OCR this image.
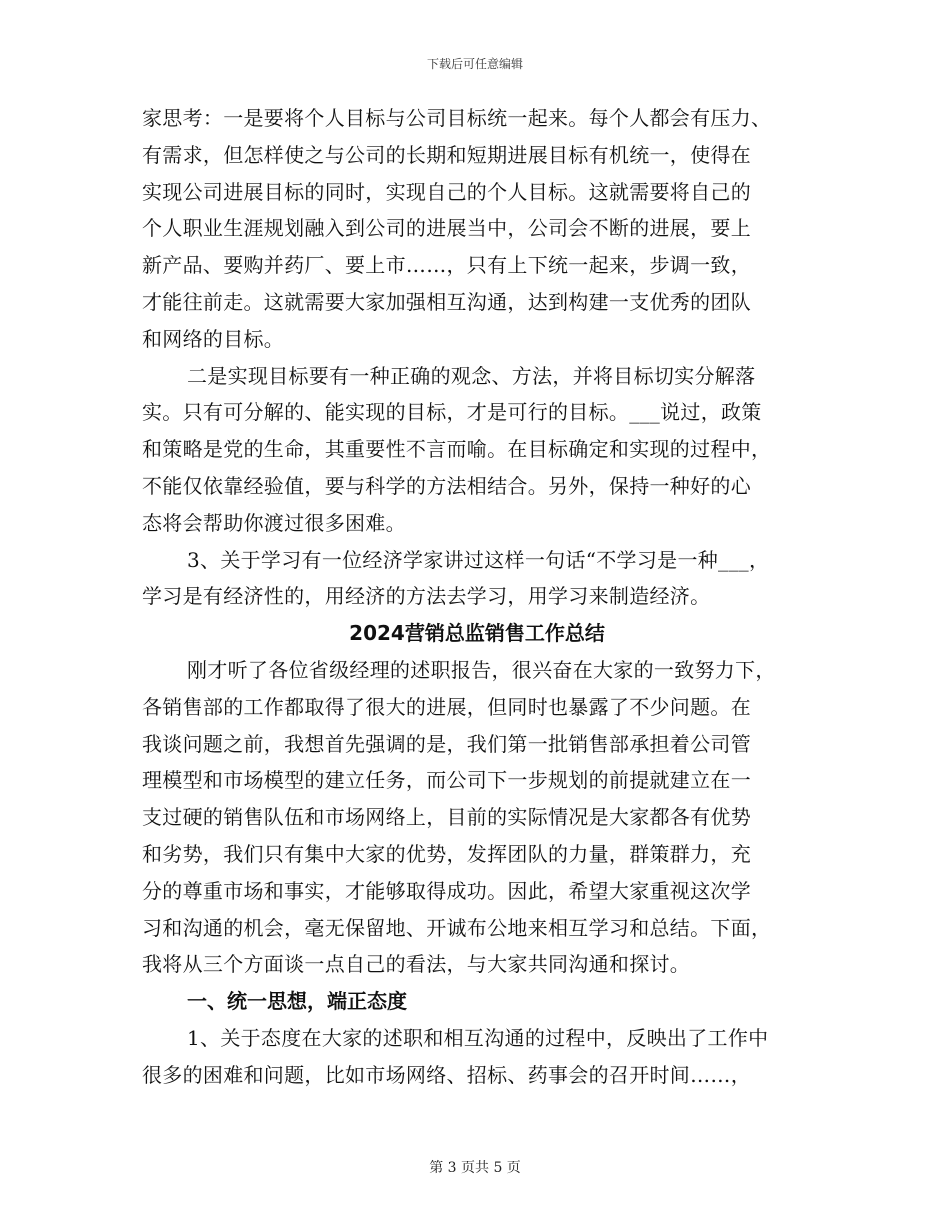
下载后可任意编辑
家思考：一是要将个人目标与公司目标统一起来。每个人都会有压力、
有需求，但怎样使之与公司的长期和短期进展目标有机统一，使得在
实现公司进展目标的同时，实现自己的个人目标。这就需要将自己的
个人职业生涯规划融入到公司的进展当中，公司会不断的进展，要上
新产品、要购并药厂、要上市……，只有上下统一起来，步调一致，
才能往前走。这就需要大家加强相互沟通，达到构建一支优秀的团队
和网络的目标。
二是实现目标要有一种正确的观念、方法，并将目标切实分解落
实。只有可分解的、能实现的目标，才是可行的目标。___说过，政策
和策略是党的生命，其重要性不言而喻。在目标确定和实现的过程中，
不能仅依靠经验值，要与科学的方法相结合。另外，保持一种好的心
态将会帮助你渡过很多困难。
3、关于学习有一位经济学家讲过这样一句话“不学习是一种___，
学习是有经济性的，用经济的方法去学习，用学习来制造经济。
2024营销总监销售工作总结
刚才听了各位省级经理的述职报告，很兴奋在大家的一致努力下，
各销售部的工作都取得了很大的进展，但同时也暴露了不少问题。在
我谈问题之前，我想首先强调的是，我们第一批销售部承担着公司管
理模型和市场模型的建立任务，而公司下一步规划的前提就建立在一
支过硬的销售队伍和市场网络上，目前的实际情况是大家都各有优势
和劣势，我们只有集中大家的优势，发挥团队的力量，群策群力，充
分的尊重市场和事实，才能够取得成功。因此，希望大家重视这次学
习和沟通的机会，毫无保留地、开诚布公地来相互学习和总结。下面，
我将从三个方面谈一点自己的看法，与大家共同沟通和探讨。
一、统一思想，端正态度
1、关于态度在大家的述职和相互沟通的过程中，反映出了工作中
很多的困难和问题，比如市场网络、招标、药事会的召开时间……，
第 3 页共 5 页
